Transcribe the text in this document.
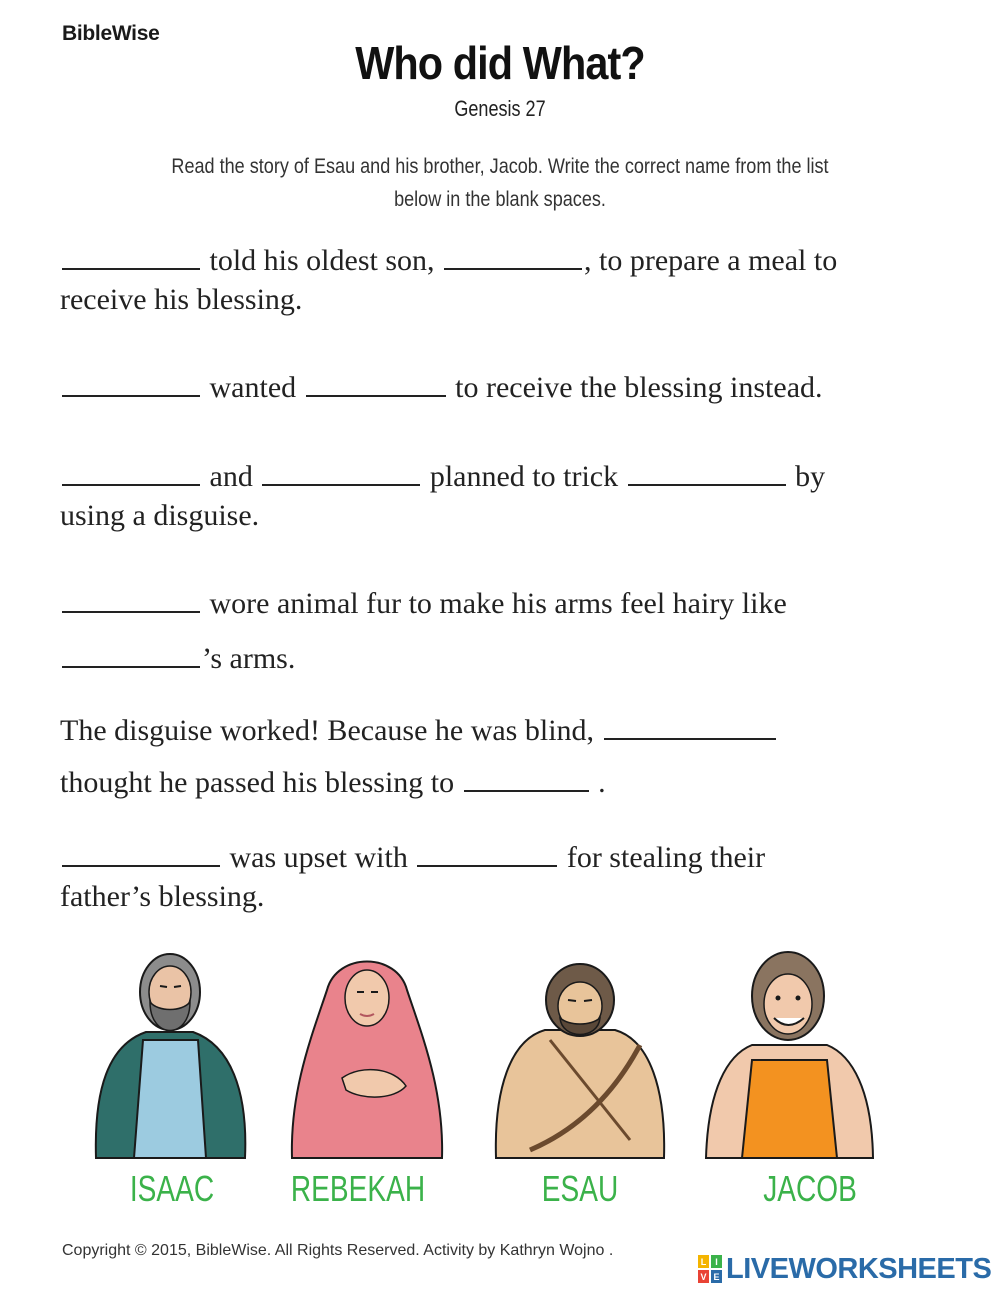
BibleWise
Who did What?
Genesis 27
Read the story of Esau and his brother, Jacob. Write the correct name from the list
below in the blank spaces.
told his oldest son,	, to prepare a meal to
receive his blessing.
wanted	to receive the blessing instead.
and	planned to trick	by
using a disguise.
wore animal fur to make his arms feel hairy like
’s arms.
The disguise worked! Because he was blind,
thought he passed his blessing to	.
was upset with	for stealing their
father’s blessing.
ISAAC	REBEKAH	ESAU	JACOB
Copyright © 2015, BibleWise. All Rights Reserved. Activity by Kathryn Wojno .
L I
V E LIVEWORKSHEETS
